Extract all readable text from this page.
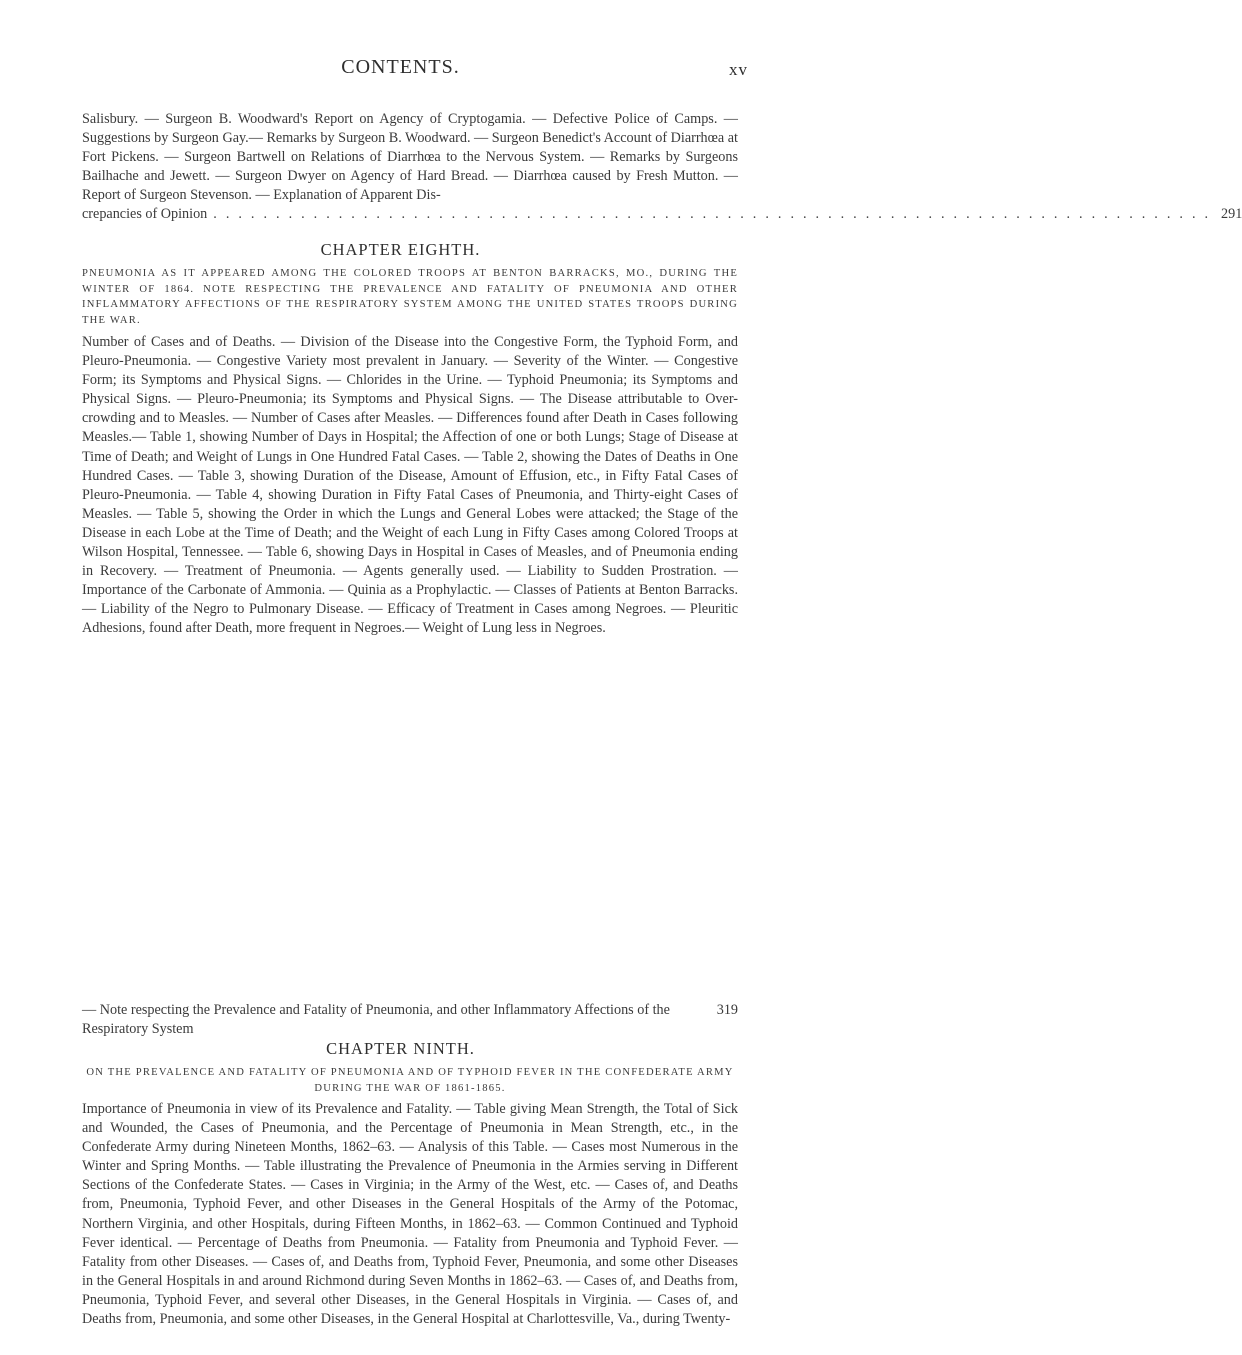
CONTENTS.	xv

Salisbury. — Surgeon B. Woodward's Report on Agency of Cryptogamia. — Defective Police of Camps. — Suggestions by Surgeon Gay.— Remarks by Surgeon B. Woodward. — Surgeon Benedict's Account of Diarrhœa at Fort Pickens. — Surgeon Bartwell on Relations of Diarrhœa to the Nervous System. — Remarks by Surgeons Bailhache and Jewett. — Surgeon Dwyer on Agency of Hard Bread. — Diarrhœa caused by Fresh Mutton. — Report of Surgeon Stevenson. — Explanation of Apparent Dis-

crepancies of Opinion ................................................................................ 291
CHAPTER EIGHTH.

PNEUMONIA AS IT APPEARED AMONG THE COLORED TROOPS AT BENTON BARRACKS, MO., DURING THE WINTER OF 1864. NOTE RESPECTING THE PREVALENCE AND FATALITY OF PNEUMONIA AND OTHER INFLAMMATORY AFFECTIONS OF THE RESPIRATORY SYSTEM AMONG THE UNITED STATES TROOPS DURING THE WAR.

Number of Cases and of Deaths. — Division of the Disease into the Congestive Form, the Typhoid Form, and Pleuro-Pneumonia. — Congestive Variety most prevalent in January. — Severity of the Winter. — Congestive Form; its Symptoms and Physical Signs. — Chlorides in the Urine. — Typhoid Pneumonia; its Symptoms and Physical Signs. — Pleuro-Pneumonia; its Symptoms and Physical Signs. — The Disease attributable to Over-crowding and to Measles. — Number of Cases after Measles. — Differences found after Death in Cases following Measles.— Table 1, showing Number of Days in Hospital; the Affection of one or both Lungs; Stage of Disease at Time of Death; and Weight of Lungs in One Hundred Fatal Cases. — Table 2, showing the Dates of Deaths in One Hundred Cases. — Table 3, showing Duration of the Disease, Amount of Effusion, etc., in Fifty Fatal Cases of Pleuro-Pneumonia. — Table 4, showing Duration in Fifty Fatal Cases of Pneumonia, and Thirty-eight Cases of Measles. — Table 5, showing the Order in which the Lungs and General Lobes were attacked; the Stage of the Disease in each Lobe at the Time of Death; and the Weight of each Lung in Fifty Cases among Colored Troops at Wilson Hospital, Tennessee. — Table 6, showing Days in Hospital in Cases of Measles, and of Pneumonia ending in Recovery. — Treatment of Pneumonia. — Agents generally used. — Liability to Sudden Prostration. — Importance of the Carbonate of Ammonia. — Quinia as a Prophylactic. — Classes of Patients at Benton Barracks. — Liability of the Negro to Pulmonary Disease. — Efficacy of Treatment in Cases among Negroes. — Pleuritic Adhesions, found after Death, more frequent in Negroes.— Weight of Lung less in Negroes.

— Note respecting the Prevalence and Fatality of Pneumonia, and other Inflammatory Affections of the Respiratory System
319
CHAPTER NINTH.

ON THE PREVALENCE AND FATALITY OF PNEUMONIA AND OF TYPHOID FEVER IN THE CONFEDERATE ARMY DURING THE WAR OF 1861-1865.

Importance of Pneumonia in view of its Prevalence and Fatality. — Table giving Mean Strength, the Total of Sick and Wounded, the Cases of Pneumonia, and the Percentage of Pneumonia in Mean Strength, etc., in the Confederate Army during Nineteen Months, 1862–63. — Analysis of this Table. — Cases most Numerous in the Winter and Spring Months. — Table illustrating the Prevalence of Pneumonia in the Armies serving in Different Sections of the Confederate States. — Cases in Virginia; in the Army of the West, etc. — Cases of, and Deaths from, Pneumonia, Typhoid Fever, and other Diseases in the General Hospitals of the Army of the Potomac, Northern Virginia, and other Hospitals, during Fifteen Months, in 1862–63. — Common Continued and Typhoid Fever identical. — Percentage of Deaths from Pneumonia. — Fatality from Pneumonia and Typhoid Fever. — Fatality from other Diseases. — Cases of, and Deaths from, Typhoid Fever, Pneumonia, and some other Diseases in the General Hospitals in and around Richmond during Seven Months in 1862–63. — Cases of, and Deaths from, Pneumonia, Typhoid Fever, and several other Diseases, in the General Hospitals in Virginia. — Cases of, and Deaths from, Pneumonia, and some other Diseases, in the General Hospital at Charlottesville, Va., during Twenty-
